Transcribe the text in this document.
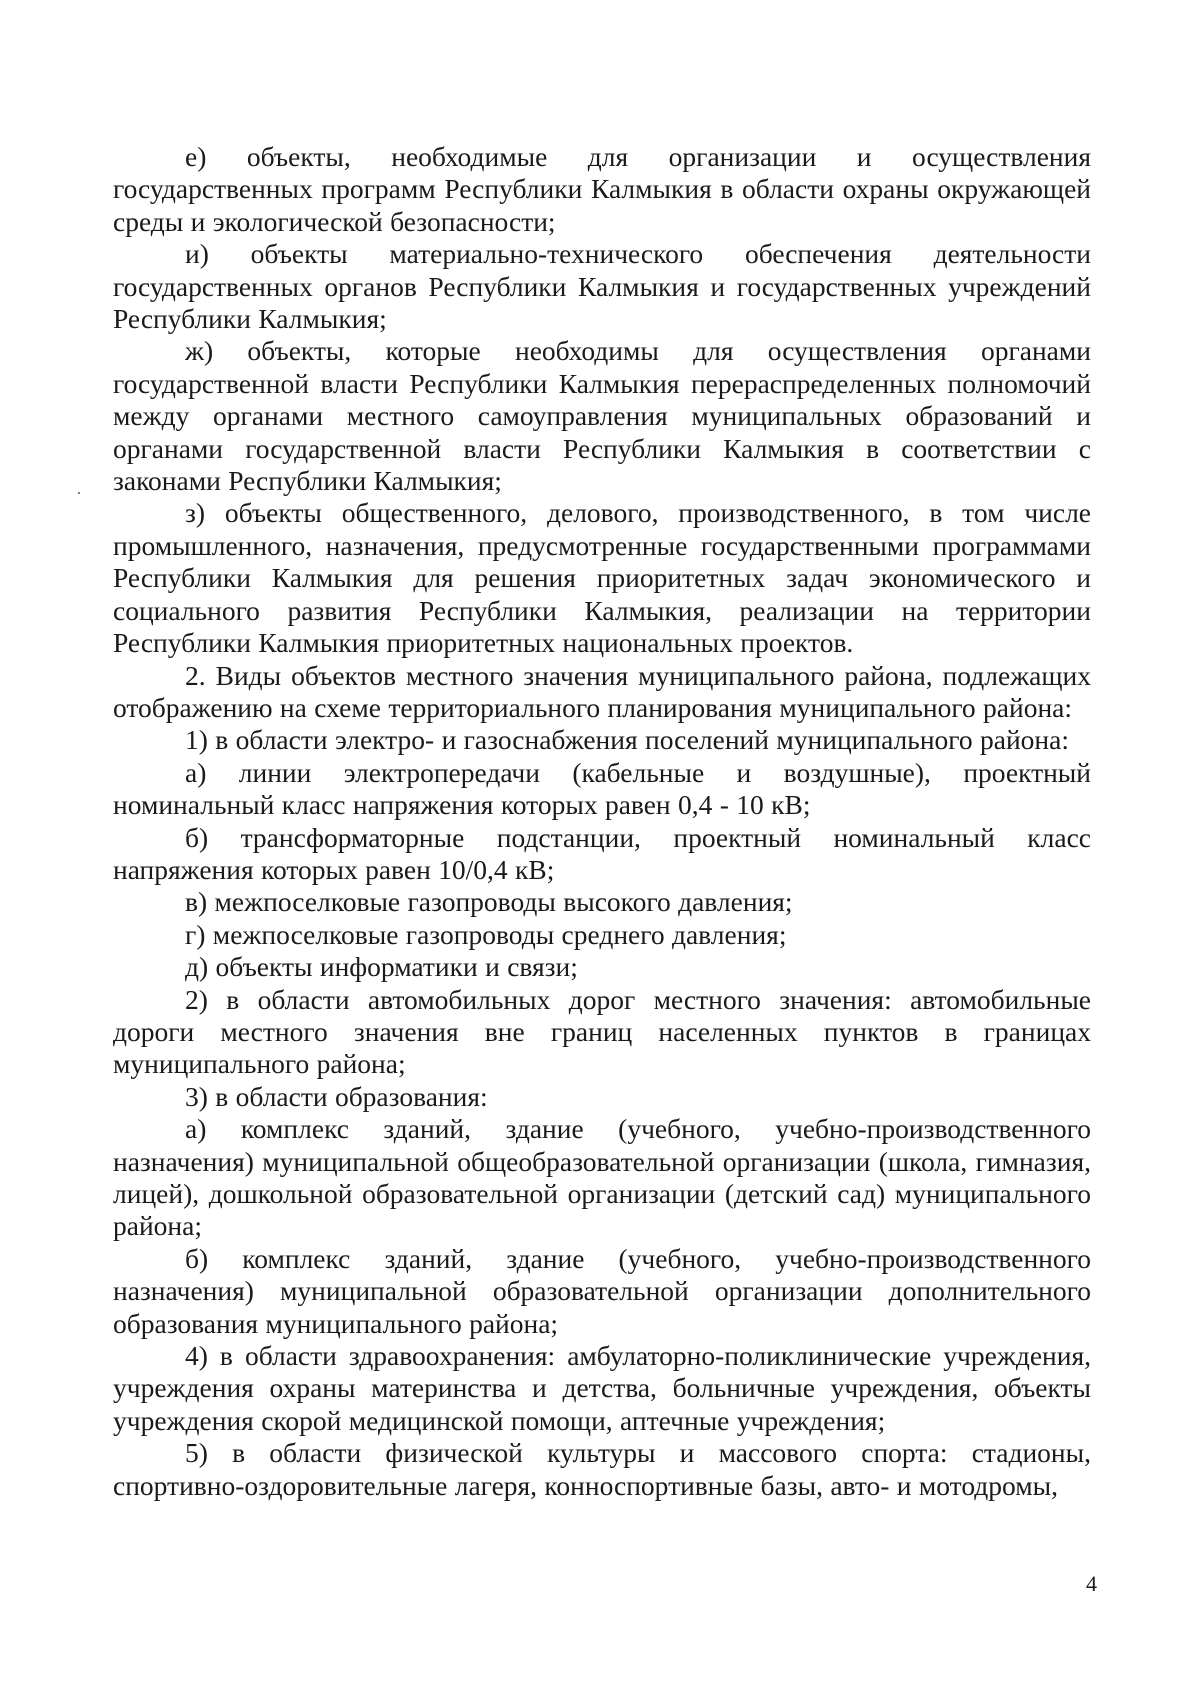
е) объекты, необходимые для организации и осуществления государственных программ Республики Калмыкия в области охраны окружающей среды и экологической безопасности;

и) объекты материально-технического обеспечения деятельности государственных органов Республики Калмыкия и государственных учреждений Республики Калмыкия;

ж) объекты, которые необходимы для осуществления органами государственной власти Республики Калмыкия перераспределенных полномочий между органами местного самоуправления муниципальных образований и органами государственной власти Республики Калмыкия в соответствии с законами Республики Калмыкия;

з) объекты общественного, делового, производственного, в том числе промышленного, назначения, предусмотренные государственными программами Республики Калмыкия для решения приоритетных задач экономического и социального развития Республики Калмыкия, реализации на территории Республики Калмыкия приоритетных национальных проектов.

2. Виды объектов местного значения муниципального района, подлежащих отображению на схеме территориального планирования муниципального района:

1) в области электро- и газоснабжения поселений муниципального района:

а) линии электропередачи (кабельные и воздушные), проектный номинальный класс напряжения которых равен 0,4 - 10 кВ;

б) трансформаторные подстанции, проектный номинальный класс напряжения которых равен 10/0,4 кВ;

в) межпоселковые газопроводы высокого давления;

г) межпоселковые газопроводы среднего давления;

д) объекты информатики и связи;

2) в области автомобильных дорог местного значения: автомобильные дороги местного значения вне границ населенных пунктов в границах муниципального района;

3) в области образования:

а) комплекс зданий, здание (учебного, учебно-производственного назначения) муниципальной общеобразовательной организации (школа, гимназия, лицей), дошкольной образовательной организации (детский сад) муниципального района;

б) комплекс зданий, здание (учебного, учебно-производственного назначения) муниципальной образовательной организации дополнительного образования муниципального района;

4) в области здравоохранения: амбулаторно-поликлинические учреждения, учреждения охраны материнства и детства, больничные учреждения, объекты учреждения скорой медицинской помощи, аптечные учреждения;

5) в области физической культуры и массового спорта: стадионы, спортивно-оздоровительные лагеря, конноспортивные базы, авто- и мотодромы,

4
